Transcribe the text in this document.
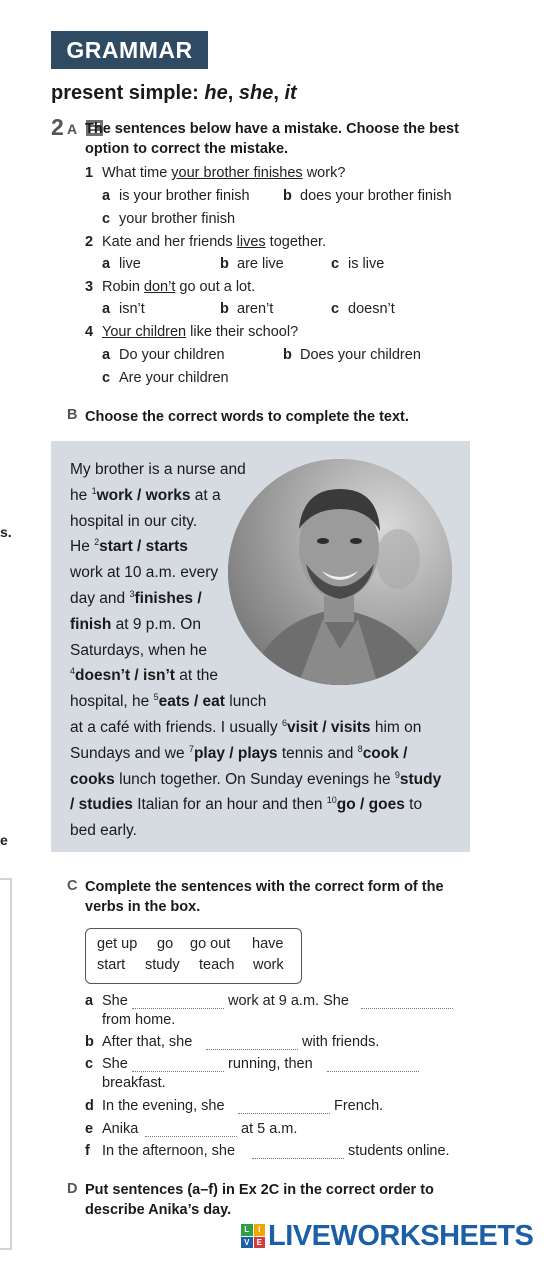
GRAMMAR
present simple: he, she, it
2 A The sentences below have a mistake. Choose the best option to correct the mistake.
1 What time your brother finishes work?
a is your brother finish b does your brother finish
c your brother finish
2 Kate and her friends lives together.
a live	b are live	c is live
3 Robin don’t go out a lot.
a isn’t	b aren’t	c doesn’t
4 Your children like their school?
a Do your children	b Does your children
c Are your children
B Choose the correct words to complete the text.
My brother is a nurse and
he $^1$work / works at a
hospital in our city.
He $^2$start / starts
work at 10 a.m. every
day and $^3$finishes /
finish at 9 p.m. On
Saturdays, when he
$^4$doesn’t / isn’t at the
hospital, he $^5$eats / eat lunch
at a café with friends. I usually $^6$visit / visits him on
Sundays and we $^7$play / plays tennis and $^8$cook /
cooks lunch together. On Sunday evenings he $^9$study
/ studies Italian for an hour and then $^{10}$go / goes to
bed early.
s.
e
C Complete the sentences with the correct form of the verbs in the box.
get up go go out have
start study teach work
a She	work at 9 a.m. She
from home.
b After that, she	with friends.
c She	running, then
breakfast.
d In the evening, she	French.
e Anika	at 5 a.m.
f In the afternoon, she	students online.
D Put sentences (a–f) in Ex 2C in the correct order to describe Anika’s day.
L	I
V E LIVEWORKSHEETS
